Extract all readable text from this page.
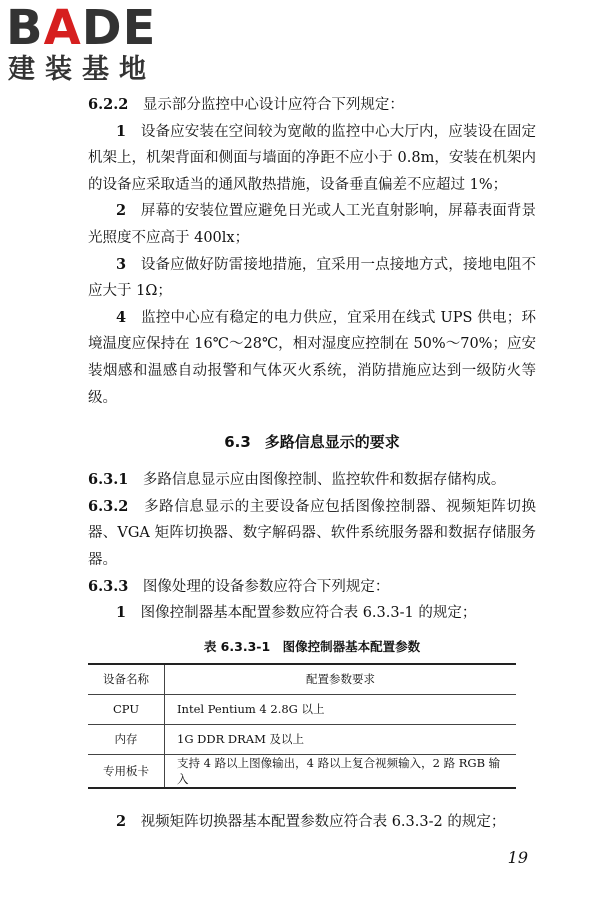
BADE
建装基地

6.2.2　 显示部分监控中心设计应符合下列规定：

1　 设备应安装在空间较为宽敞的监控中心大厅内，应装设在固定机架上，机架背面和侧面与墙面的净距不应小于 0.8m，安装在机架内的设备应采取适当的通风散热措施，设备垂直偏差不应超过 1%；

2　 屏幕的安装位置应避免日光或人工光直射影响，屏幕表面背景光照度不应高于 400lx；

3　 设备应做好防雷接地措施，宜采用一点接地方式，接地电阻不应大于 1Ω；

4　 监控中心应有稳定的电力供应，宜采用在线式 UPS 供电；环境温度应保持在 16℃～28℃，相对湿度应控制在 50%～70%；应安装烟感和温感自动报警和气体灭火系统，消防措施应达到一级防火等级。

6.3 多路信息显示的要求

6.3.1　 多路信息显示应由图像控制、监控软件和数据存储构成。

6.3.2　 多路信息显示的主要设备应包括图像控制器、视频矩阵切换器、VGA 矩阵切换器、数字解码器、软件系统服务器和数据存储服务器。

6.3.3　 图像处理的设备参数应符合下列规定：

1　 图像控制器基本配置参数应符合表 6.3.3-1 的规定；

表 6.3.3-1　图像控制器基本配置参数
设备名称	配置参数要求
CPU	Intel Pentium 4 2.8G 以上
内存	1G DDR DRAM 及以上
专用板卡	支持 4 路以上图像输出，4 路以上复合视频输入，2 路 RGB 输入

2　 视频矩阵切换器基本配置参数应符合表 6.3.3-2 的规定；

19
